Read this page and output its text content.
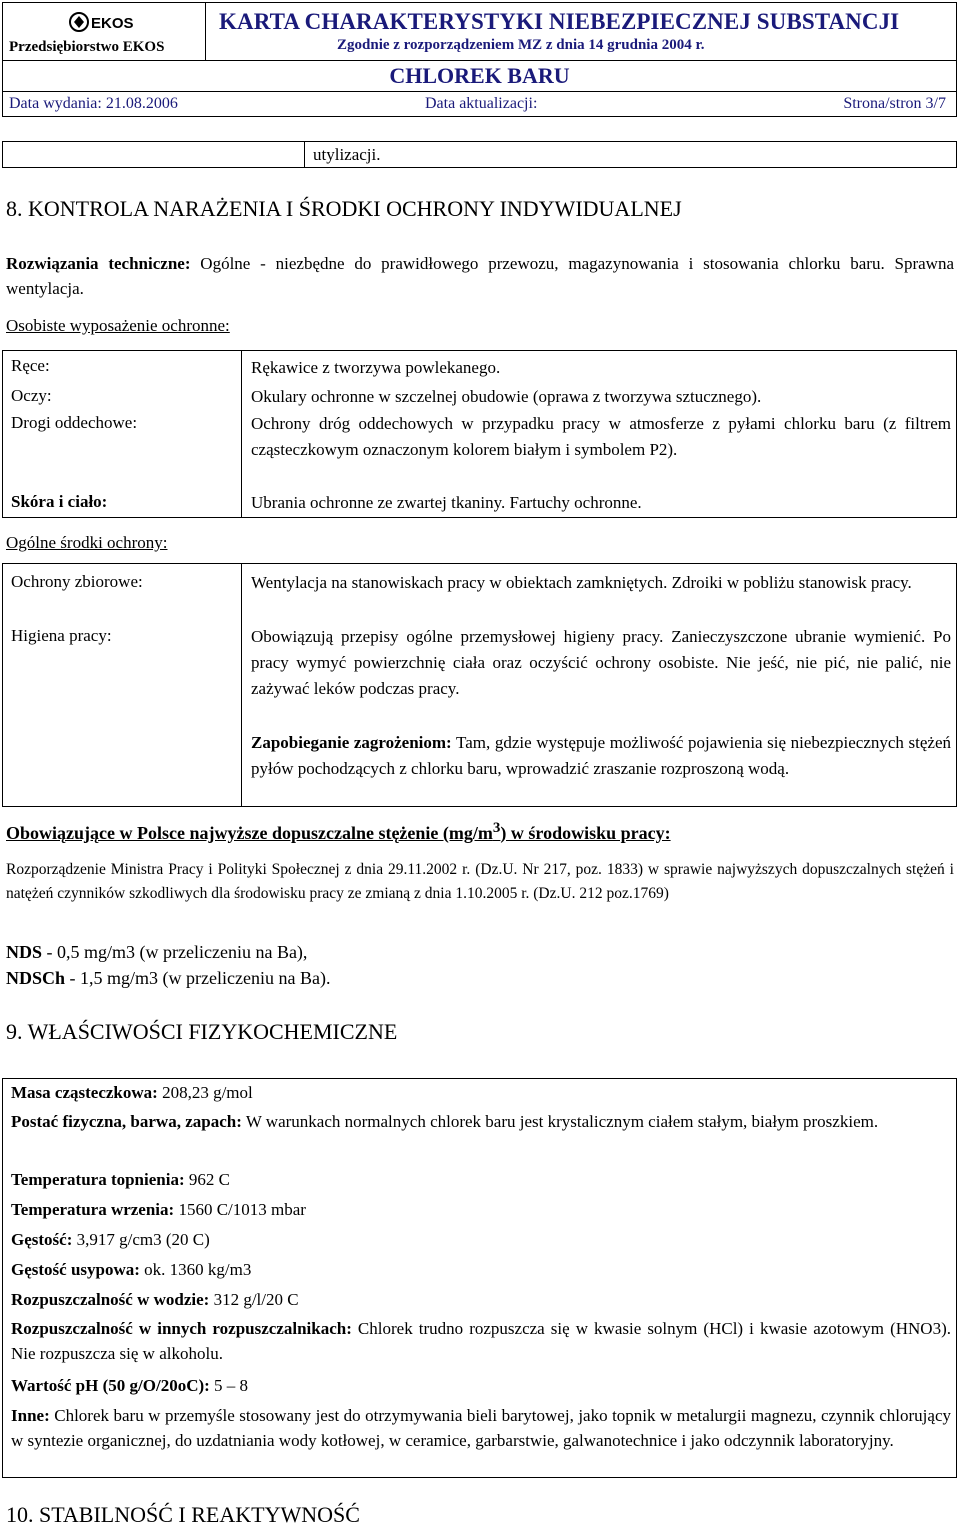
EKOS
Przedsiębiorstwo EKOS
KARTA CHARAKTERYSTYKI NIEBEZPIECZNEJ SUBSTANCJI
Zgodnie z rozporządzeniem MZ z dnia 14 grudnia 2004 r.
CHLOREK BARU
Data wydania: 21.08.2006	Data aktualizacji:	Strona/stron 3/7
utylizacji.
8. KONTROLA NARAŻENIA I ŚRODKI OCHRONY INDYWIDUALNEJ
Rozwiązania techniczne: Ogólne - niezbędne do prawidłowego przewozu, magazynowania i stosowania chlorku baru. Sprawna wentylacja.
Osobiste wyposażenie ochronne:
Ręce:	Rękawice z tworzywa powlekanego.
Oczy:	Okulary ochronne w szczelnej obudowie (oprawa z tworzywa sztucznego).
Drogi oddechowe:	Ochrony dróg oddechowych w przypadku pracy w atmosferze z pyłami chlorku baru (z filtrem cząsteczkowym oznaczonym kolorem białym i symbolem P2).
Skóra i ciało:	Ubrania ochronne ze zwartej tkaniny. Fartuchy ochronne.
Ogólne środki ochrony:
Ochrony zbiorowe:	Wentylacja na stanowiskach pracy w obiektach zamkniętych. Zdroiki w pobliżu stanowisk pracy.
Higiena pracy:	Obowiązują przepisy ogólne przemysłowej higieny pracy. Zanieczyszczone ubranie wymienić. Po pracy wymyć powierzchnię ciała oraz oczyścić ochrony osobiste. Nie jeść, nie pić, nie palić, nie zażywać leków podczas pracy.
Zapobieganie zagrożeniom: Tam, gdzie występuje możliwość pojawienia się niebezpiecznych stężeń pyłów pochodzących z chlorku baru, wprowadzić zraszanie rozproszoną wodą.
Obowiązujące w Polsce najwyższe dopuszczalne stężenie $(mg/m^3)$ w środowisku pracy:
Rozporządzenie Ministra Pracy i Polityki Społecznej z dnia 29.11.2002 r. (Dz.U. Nr 217, poz. 1833) w sprawie najwyższych dopuszczalnych stężeń i natężeń czynników szkodliwych dla środowisku pracy ze zmianą z dnia 1.10.2005 r. (Dz.U. 212 poz.1769)
NDS - 0,5 mg/m3 (w przeliczeniu na Ba),
NDSCh - 1,5 mg/m3 (w przeliczeniu na Ba).
9. WŁAŚCIWOŚCI FIZYKOCHEMICZNE
Masa cząsteczkowa: 208,23 g/mol
Postać fizyczna, barwa, zapach: W warunkach normalnych chlorek baru jest krystalicznym ciałem stałym, białym proszkiem.
Temperatura topnienia: 962 C
Temperatura wrzenia: 1560 C/1013 mbar
Gęstość: 3,917 g/cm3 (20 C)
Gęstość usypowa: ok. 1360 kg/m3
Rozpuszczalność w wodzie: 312 g/l/20 C
Rozpuszczalność w innych rozpuszczalnikach: Chlorek trudno rozpuszcza się w kwasie solnym (HCl) i kwasie azotowym (HNO3). Nie rozpuszcza się w alkoholu.
Wartość pH (50 g/O/20oC): 5 – 8
Inne: Chlorek baru w przemyśle stosowany jest do otrzymywania bieli barytowej, jako topnik w metalurgii magnezu, czynnik chlorujący w syntezie organicznej, do uzdatniania wody kotłowej, w ceramice, garbarstwie, galwanotechnice i jako odczynnik laboratoryjny.
10. STABILNOŚĆ I REAKTYWNOŚĆ
